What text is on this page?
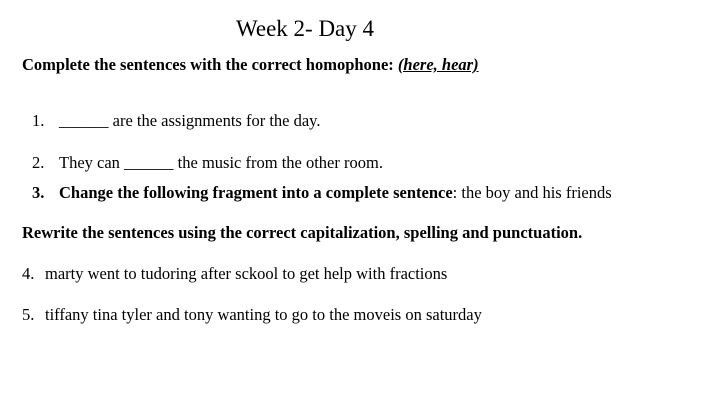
Week 2- Day 4
Complete the sentences with the correct homophone: (here, hear)
1. ______ are the assignments for the day.
2. They can ______ the music from the other room.
3. Change the following fragment into a complete sentence: the boy and his friends
Rewrite the sentences using the correct capitalization, spelling and punctuation.
4. marty went to tudoring after sckool to get help with fractions
5. tiffany tina tyler and tony wanting to go to the moveis on saturday
